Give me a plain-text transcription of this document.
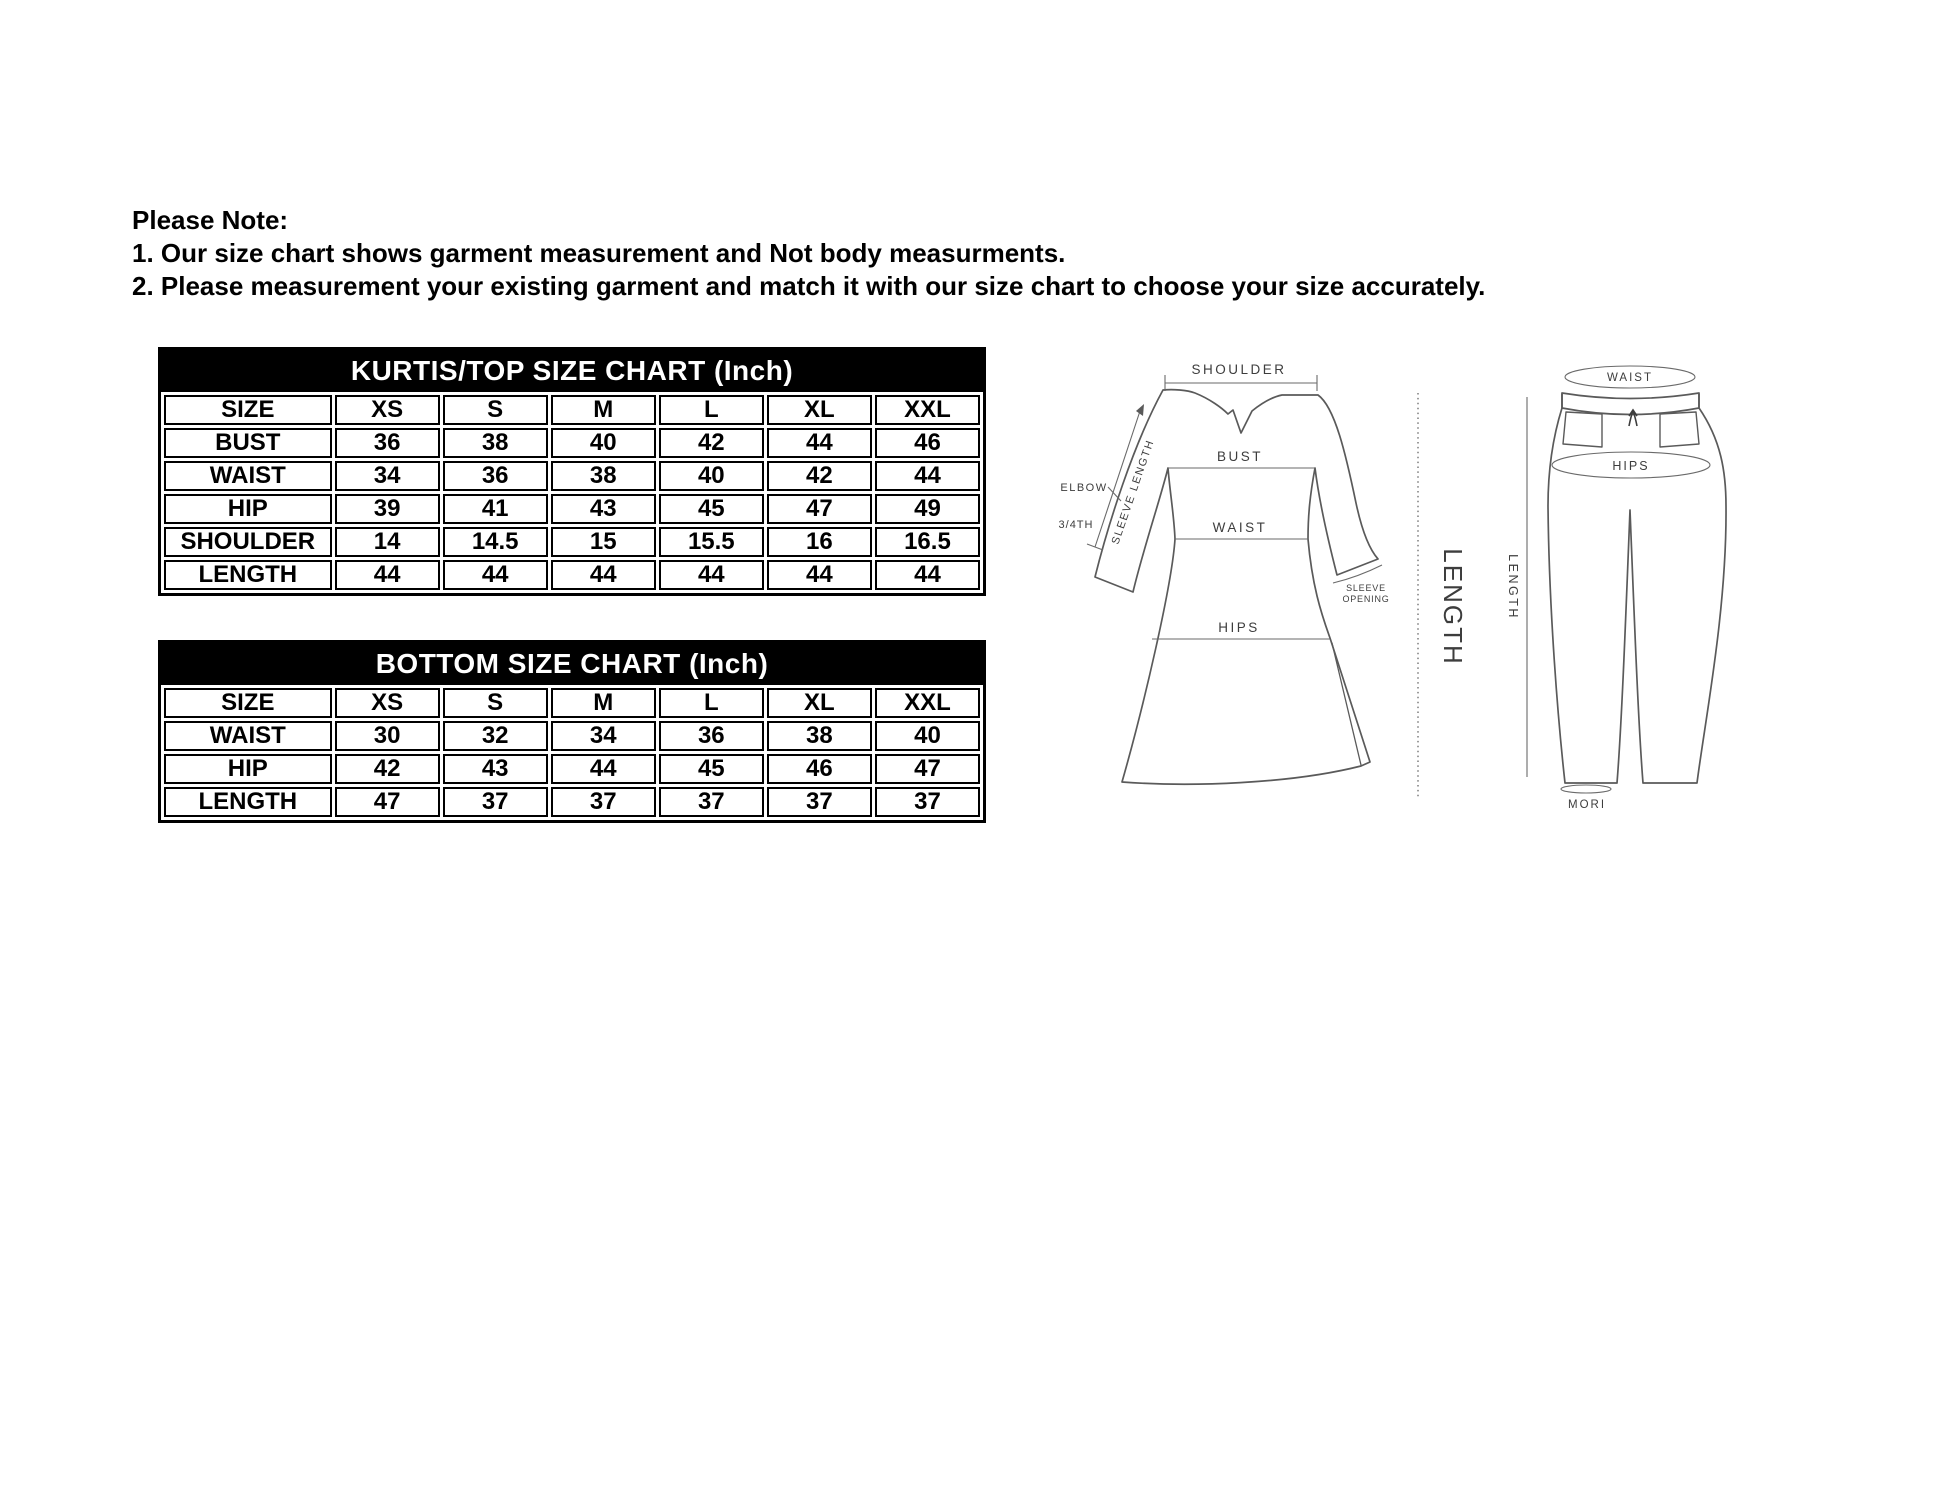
Please Note:
1. Our size chart shows garment measurement and Not body measurments.
2. Please measurement your existing garment and match it with our size chart to choose your size accurately.
KURTIS/TOP SIZE CHART (Inch)
SIZE	XS	S	M	L	XL	XXL
BUST	36	38	40	42	44	46
WAIST	34	36	38	40	42	44
HIP	39	41	43	45	47	49
SHOULDER	14	14.5	15	15.5	16	16.5
LENGTH	44	44	44	44	44	44
BOTTOM SIZE CHART (Inch)
SIZE	XS	S	M	L	XL	XXL
WAIST	30	32	34	36	38	40
HIP	42	43	44	45	46	47
LENGTH	47	37	37	37	37	37
SHOULDER
ELBOW
3/4TH SLEEVE LENGTH	BUST
WAIST
HIPS
SLEEVE
OPENING LENGTH
WAIST
HIPS
LENGTH
MORI
